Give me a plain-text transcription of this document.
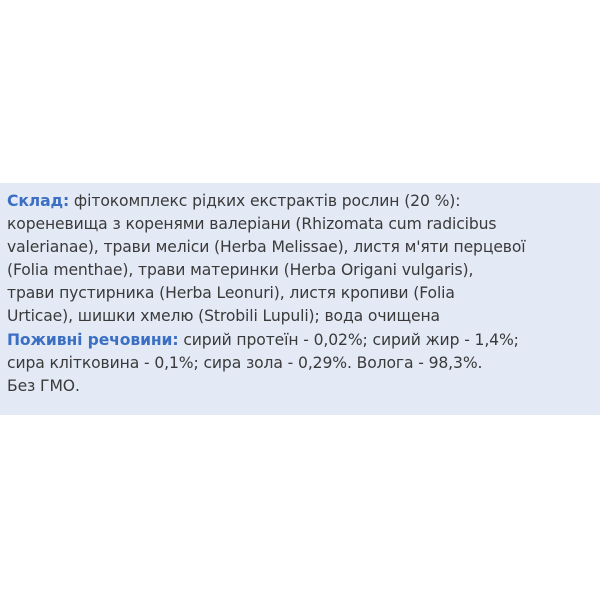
Склад: фітокомплекс рідких екстрактів рослин (20 %):
кореневища з коренями валеріани (Rhizomata cum radicibus
valerianae), трави меліси (Herba Melissae), листя м'яти перцевої
(Folia menthae), трави материнки (Herba Origani vulgaris),
трави пустирника (Herba Leonuri), листя кропиви (Folia
Urticae), шишки хмелю (Strobili Lupuli); вода очищена
Поживні речовини: сирий протеїн - 0,02%; сирий жир - 1,4%;
сира клітковина - 0,1%; сира зола - 0,29%. Вологa - 98,3%.
Без ГМО.
